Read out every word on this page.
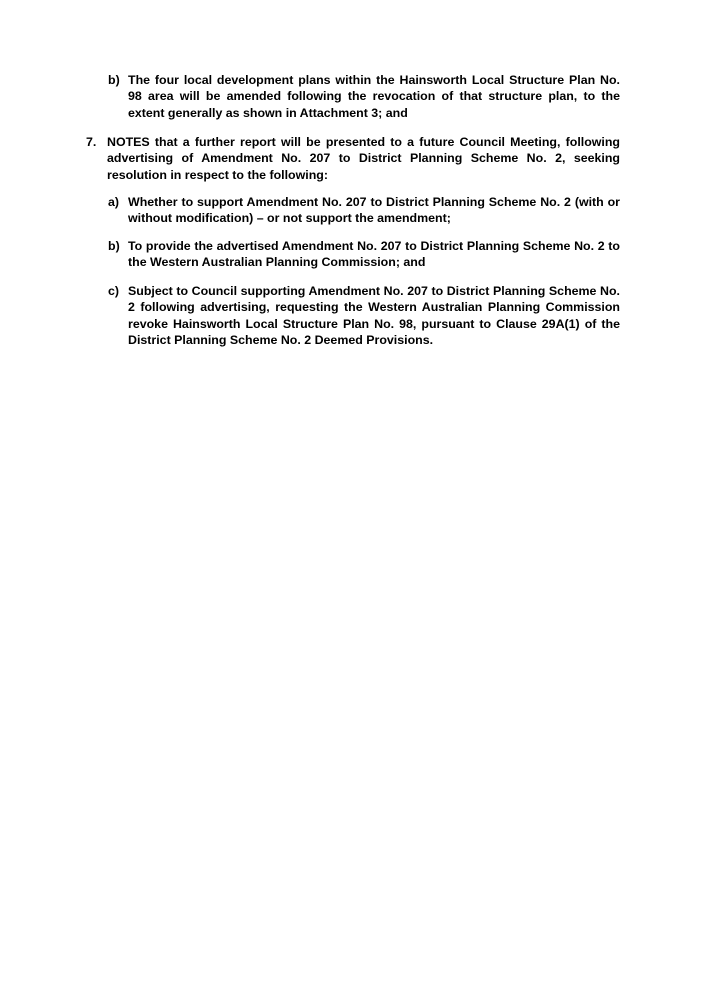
b) The four local development plans within the Hainsworth Local Structure Plan No. 98 area will be amended following the revocation of that structure plan, to the extent generally as shown in Attachment 3; and
7. NOTES that a further report will be presented to a future Council Meeting, following advertising of Amendment No. 207 to District Planning Scheme No. 2, seeking resolution in respect to the following:
a) Whether to support Amendment No. 207 to District Planning Scheme No. 2 (with or without modification) – or not support the amendment;
b) To provide the advertised Amendment No. 207 to District Planning Scheme No. 2 to the Western Australian Planning Commission; and
c) Subject to Council supporting Amendment No. 207 to District Planning Scheme No. 2 following advertising, requesting the Western Australian Planning Commission revoke Hainsworth Local Structure Plan No. 98, pursuant to Clause 29A(1) of the District Planning Scheme No. 2 Deemed Provisions.
